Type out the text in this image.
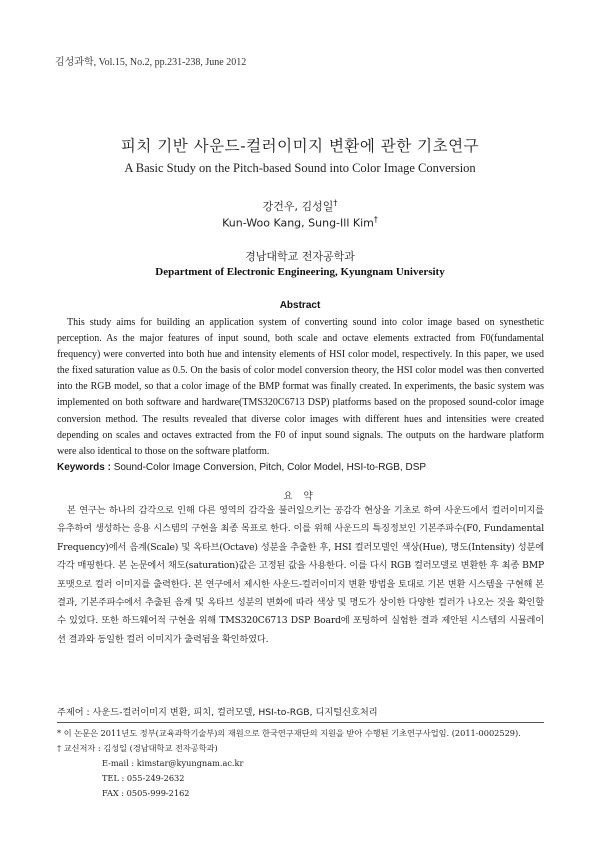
김성과학, Vol.15, No.2, pp.231-238, June 2012
피치 기반 사운드-컬러이미지 변환에 관한 기초연구
A Basic Study on the Pitch-based Sound into Color Image Conversion
강건우, 김성일†
Kun-Woo Kang, Sung-Ill Kim†
경남대학교 전자공학과
Department of Electronic Engineering, Kyungnam University
Abstract

This study aims for building an application system of converting sound into color image based on synesthetic perception. As the major features of input sound, both scale and octave elements extracted from F0(fundamental frequency) were converted into both hue and intensity elements of HSI color model, respectively. In this paper, we used the fixed saturation value as 0.5. On the basis of color model conversion theory, the HSI color model was then converted into the RGB model, so that a color image of the BMP format was finally created. In experiments, the basic system was implemented on both software and hardware(TMS320C6713 DSP) platforms based on the proposed sound-color image conversion method. The results revealed that diverse color images with different hues and intensities were created depending on scales and octaves extracted from the F0 of input sound signals. The outputs on the hardware platform were also identical to those on the software platform.

Keywords : Sound-Color Image Conversion, Pitch, Color Model, HSI-to-RGB, DSP
요 약

본 연구는 하나의 감각으로 인해 다른 영역의 감각을 불러일으키는 공감각 현상을 기초로 하여 사운드에서 컬러이미지를 유추하여 생성하는 응용 시스템의 구현을 최종 목표로 한다. 이를 위해 사운드의 특징정보인 기본주파수(F0, Fundamental Frequency)에서 음계(Scale) 및 옥타브(Octave) 성분을 추출한 후, HSI 컬러모델인 색상(Hue), 명도(Intensity) 성분에 각각 매핑한다. 본 논문에서 채도(saturation)값은 고정된 값을 사용한다. 이를 다시 RGB 컬러모델로 변환한 후 최종 BMP 포맷으로 컬러 이미지를 출력한다. 본 연구에서 제시한 사운드-컬러이미지 변환 방법을 토대로 기본 변환 시스템을 구현해 본 결과, 기본주파수에서 추출된 음계 및 옥타브 성분의 변화에 따라 색상 및 명도가 상이한 다양한 컬러가 나오는 것을 확인할 수 있었다. 또한 하드웨어적 구현을 위해 TMS320C6713 DSP Board에 포팅하여 실험한 결과 제안된 시스템의 시뮬레이션 결과와 동일한 컬러 이미지가 출력됨을 확인하였다.

주제어 : 사운드-컬러이미지 변환, 피치, 컬러모델, HSI-to-RGB, 디지털신호처리
* 이 논문은 2011년도 정부(교육과학기술부)의 재원으로 한국연구재단의 지원을 받아 수행된 기초연구사업임. (2011-0002529).
† 교신저자 : 김성일 (경남대학교 전자공학과)
E-mail : kimstar@kyungnam.ac.kr
TEL : 055-249-2632
FAX : 0505-999-2162
